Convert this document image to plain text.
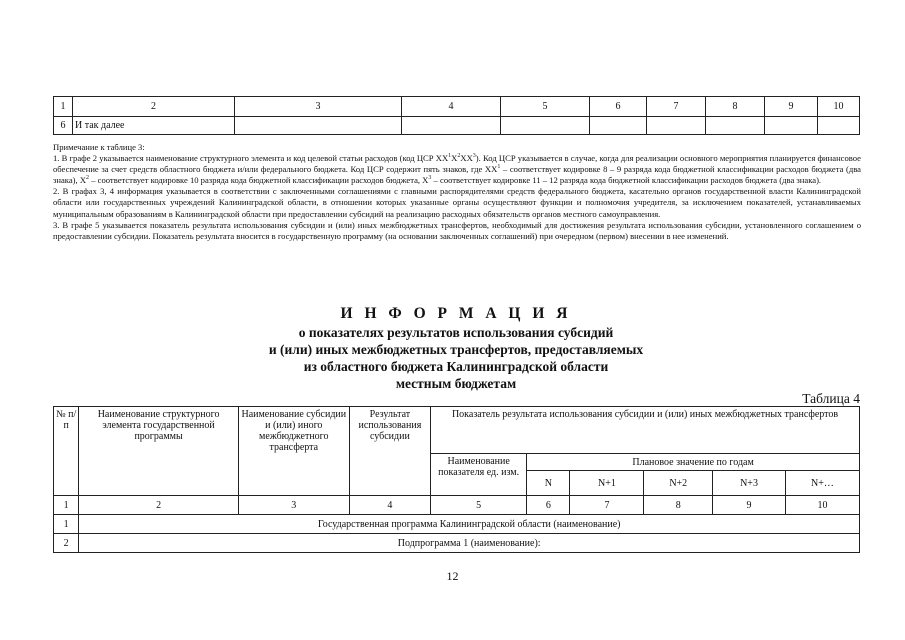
1	2	3	4	5	6	7	8	9	10
6	И так далее								

Примечание к таблице 3:

1. В графе 2 указывается наименование структурного элемента и код целевой статьи расходов (код ЦСР $ХХ^1Х^2ХХ^3$). Код ЦСР указывается в случае, когда для реализации основного мероприятия планируется финансовое обеспечение за счет средств областного бюджета и/или федерального бюджета. Код ЦСР содержит пять знаков, где $ХХ^1$ – соответствует кодировке 8 – 9 разряда кода бюджетной классификации расходов бюджета (два знака), $Х^2$ – соответствует кодировке 10 разряда кода бюджетной классификации расходов бюджета, $Х^3$ – соответствует кодировке 11 – 12 разряда кода бюджетной классификации расходов бюджета (два знака).

2. В графах 3, 4 информация указывается в соответствии с заключенными соглашениями с главными распорядителями средств федерального бюджета, касательно органов государственной власти Калининградской области или государственных учреждений Калининградской области, в отношении которых указанные органы осуществляют функции и полномочия учредителя, за исключением показателей, устанавливаемых муниципальным образованиям в Калининградской области при предоставлении субсидий на реализацию расходных обязательств органов местного самоуправления.

3. В графе 5 указывается показатель результата использования субсидии и (или) иных межбюджетных трансфертов, необходимый для достижения результата использования субсидии, установленного соглашением о предоставлении субсидии. Показатель результата вносится в государственную программу (на основании заключенных соглашений) при очередном (первом) внесении в нее изменений.

И Н Ф О Р М А Ц И Я
о показателях результатов использования субсидий
и (или) иных межбюджетных трансфертов, предоставляемых
из областного бюджета Калининградской области
местным бюджетам
Таблица 4
№ п/п	Наименование структурного элемента государственной программы	Наименование субсидии и (или) иного межбюджетного трансферта	Результат использования субсидии	Показатель результата использования субсидии и (или) иных межбюджетных трансфертов					
				Наименование показателя ед. изм.	Плановое значение по годам				
					N	N+1	N+2	N+3	N+…
1	2	3	4	5	6	7	8	9	10
1	Государственная программа Калининградской области (наименование)								
2	Подпрограмма 1 (наименование):								
12
